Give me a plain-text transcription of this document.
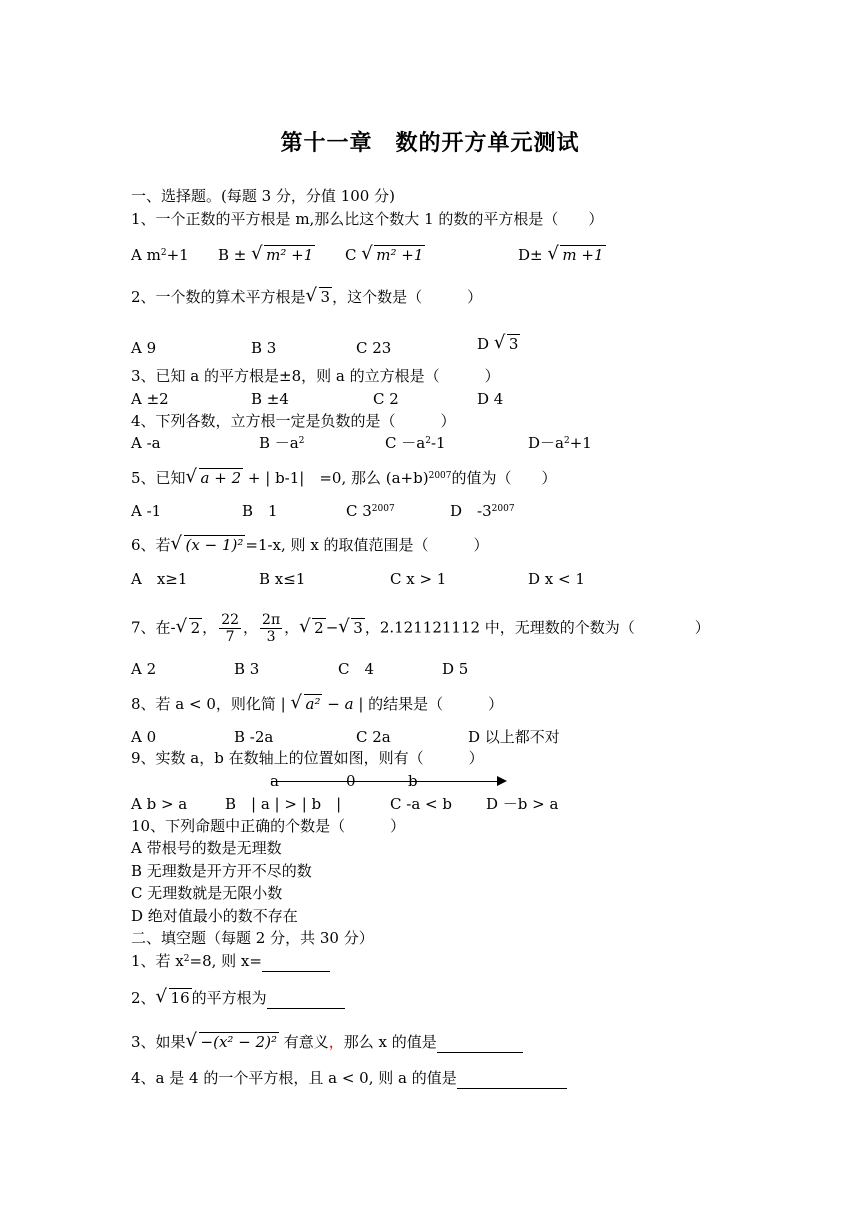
第十一章　数的开方单元测试
一、选择题。(每题 3 分，分值 100 分)
1、一个正数的平方根是 m,那么比这个数大 1 的数的平方根是（　　）
A $m^2+1$ B ± √ m² +1 C √ m² +1	D± √ m +1
2、一个数的算术平方根是 √ 3 ，这个数是（　　　）
A 9	B 3	C 23	D √ 3
3、已知 a 的平方根是±8，则 a 的立方根是（　　　）
A ±2	B ±4	C 2	D 4
4、下列各数，立方根一定是负数的是（　　　）
A -a	$B -a^2$	$C -a^2-1$	$D-a^2+1$
5、已知 √ a + 2 + | b-1|　=0, 那么 $(a+b)^{2007}$的值为（　　）
A -1	B　1	C $3^{2007}$	D　$-3^{2007}$
6、若 √ (x − 1)² =1-x, 则 x 的取值范围是（　　　）
A　x≥1	B x≤1	C x > 1	D x < 1
7、在- √ 2 ， $\frac{22}{7}$ ， $\frac{2\pi}{3}$ ， √ 2 − √ 3 ，2.121121112 中，无理数的个数为（　　　　）
A 2	B 3	C　4	D 5
8、若 a < 0，则化简 | √ a² − a | 的结果是（　　　）
A 0	B -2a	C 2a	D 以上都不对
9、实数 a，b 在数轴上的位置如图，则有（　　　）
a	0	b
A b > a	B　| a | > | b　|	C -a < b D －b > a
10、下列命题中正确的个数是（　　　）
A 带根号的数是无理数
B 无理数是开方开不尽的数
C 无理数就是无限小数
D 绝对值最小的数不存在
二、填空题（每题 2 分，共 30 分）
1、若 $x^2=8$, 则 x=
2、 √ 16 的平方根为
3、如果 √ −(x² − 2)² 有意义，那么 x 的值是
4、a 是 4 的一个平方根，且 a < 0, 则 a 的值是
